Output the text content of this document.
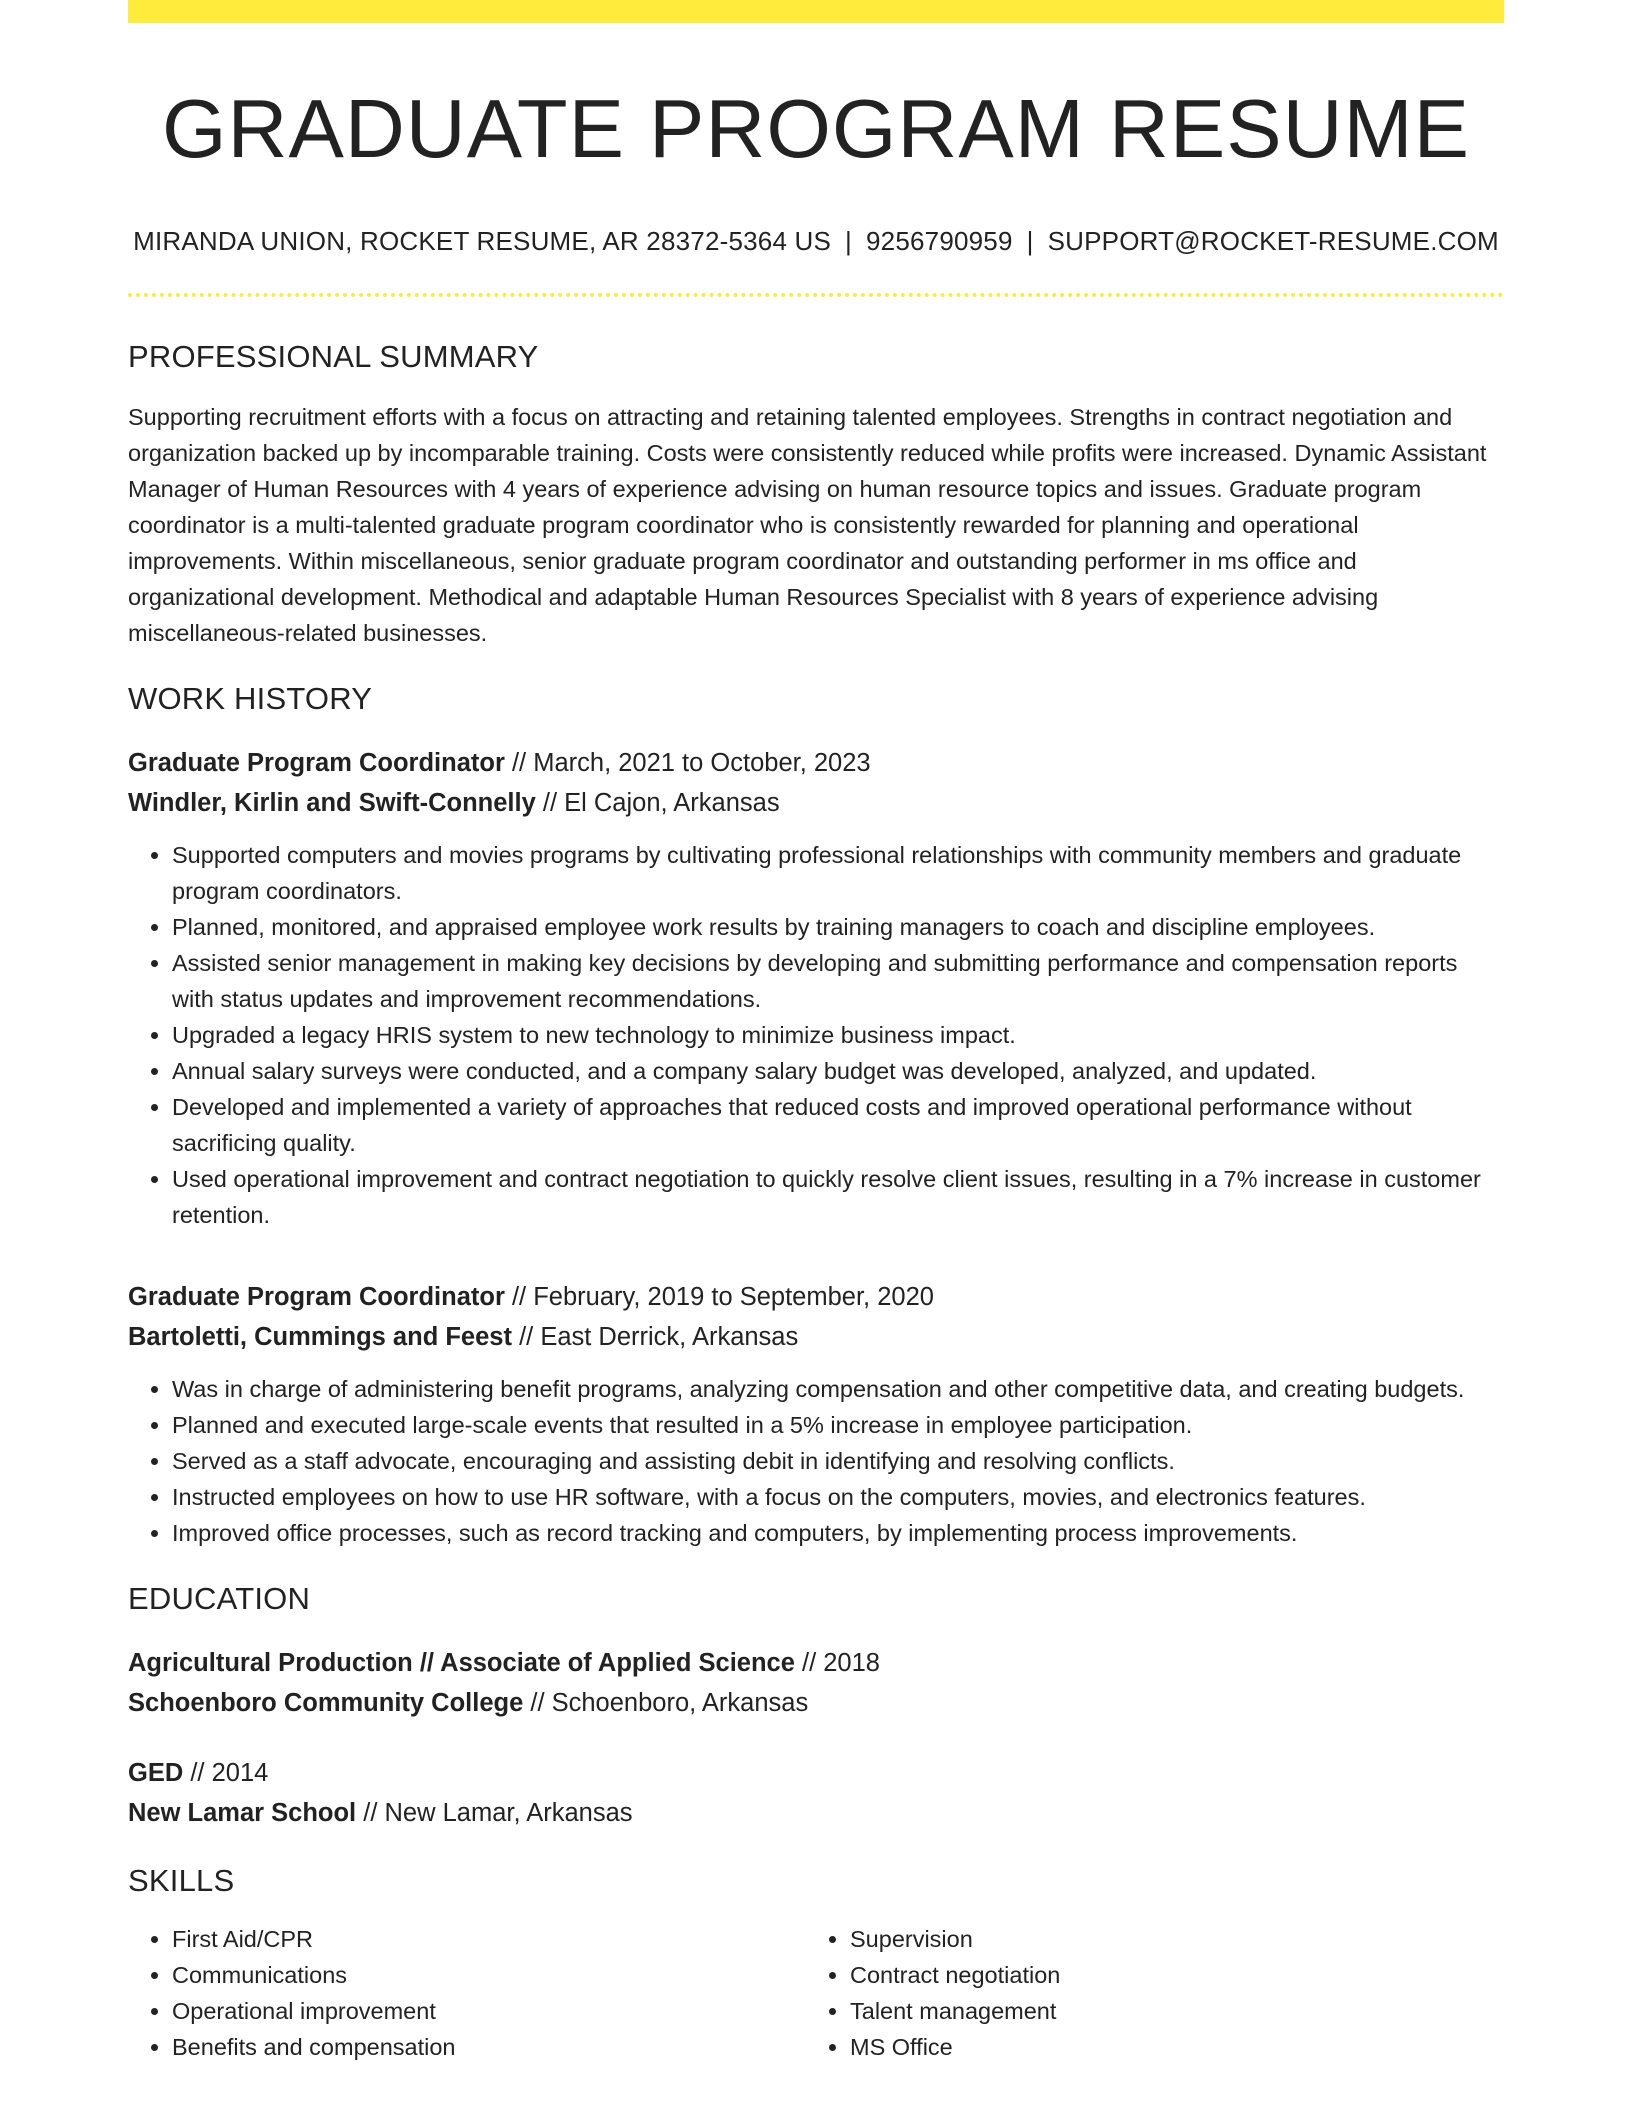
GRADUATE PROGRAM RESUME
MIRANDA UNION, ROCKET RESUME, AR 28372-5364 US | 9256790959 | SUPPORT@ROCKET-RESUME.COM
PROFESSIONAL SUMMARY
Supporting recruitment efforts with a focus on attracting and retaining talented employees. Strengths in contract negotiation and organization backed up by incomparable training. Costs were consistently reduced while profits were increased. Dynamic Assistant Manager of Human Resources with 4 years of experience advising on human resource topics and issues. Graduate program coordinator is a multi-talented graduate program coordinator who is consistently rewarded for planning and operational improvements. Within miscellaneous, senior graduate program coordinator and outstanding performer in ms office and organizational development. Methodical and adaptable Human Resources Specialist with 8 years of experience advising miscellaneous-related businesses.
WORK HISTORY
Graduate Program Coordinator // March, 2021 to October, 2023
Windler, Kirlin and Swift-Connelly // El Cajon, Arkansas
• Supported computers and movies programs by cultivating professional relationships with community members and graduate program coordinators.
• Planned, monitored, and appraised employee work results by training managers to coach and discipline employees.
• Assisted senior management in making key decisions by developing and submitting performance and compensation reports with status updates and improvement recommendations.
• Upgraded a legacy HRIS system to new technology to minimize business impact.
• Annual salary surveys were conducted, and a company salary budget was developed, analyzed, and updated.
• Developed and implemented a variety of approaches that reduced costs and improved operational performance without sacrificing quality.
• Used operational improvement and contract negotiation to quickly resolve client issues, resulting in a 7% increase in customer retention.
Graduate Program Coordinator // February, 2019 to September, 2020
Bartoletti, Cummings and Feest // East Derrick, Arkansas
• Was in charge of administering benefit programs, analyzing compensation and other competitive data, and creating budgets.
• Planned and executed large-scale events that resulted in a 5% increase in employee participation.
• Served as a staff advocate, encouraging and assisting debit in identifying and resolving conflicts.
• Instructed employees on how to use HR software, with a focus on the computers, movies, and electronics features.
• Improved office processes, such as record tracking and computers, by implementing process improvements.
EDUCATION
Agricultural Production // Associate of Applied Science // 2018
Schoenboro Community College // Schoenboro, Arkansas
GED // 2014
New Lamar School // New Lamar, Arkansas
SKILLS
• First Aid/CPR
• Communications
• Operational improvement
• Benefits and compensation
• Supervision
• Contract negotiation
• Talent management
• MS Office
